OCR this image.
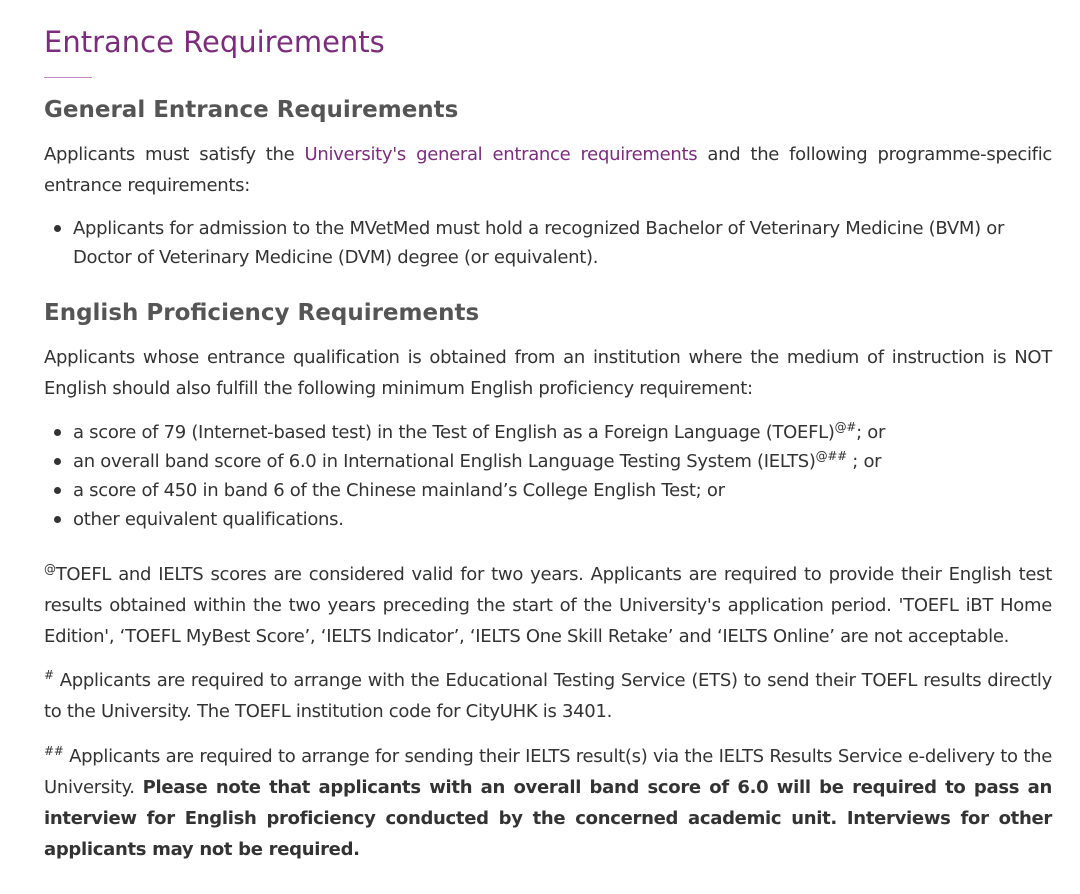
Entrance Requirements
General Entrance Requirements

Applicants must satisfy the University's general entrance requirements and the following programme-specific entrance requirements:

Applicants for admission to the MVetMed must hold a recognized Bachelor of Veterinary Medicine (BVM) or Doctor of Veterinary Medicine (DVM) degree (or equivalent).
English Proficiency Requirements

Applicants whose entrance qualification is obtained from an institution where the medium of instruction is NOT English should also fulfill the following minimum English proficiency requirement:

a score of 79 (Internet-based test) in the Test of English as a Foreign Language (TOEFL)@#; or
an overall band score of 6.0 in International English Language Testing System (IELTS)@## ; or
a score of 450 in band 6 of the Chinese mainland’s College English Test; or
other equivalent qualifications.

@TOEFL and IELTS scores are considered valid for two years. Applicants are required to provide their English test results obtained within the two years preceding the start of the University's application period. 'TOEFL iBT Home Edition', ‘TOEFL MyBest Score’, ‘IELTS Indicator’, ‘IELTS One Skill Retake’ and ‘IELTS Online’ are not acceptable.

# Applicants are required to arrange with the Educational Testing Service (ETS) to send their TOEFL results directly to the University. The TOEFL institution code for CityUHK is 3401.

## Applicants are required to arrange for sending their IELTS result(s) via the IELTS Results Service e-delivery to the University. Please note that applicants with an overall band score of 6.0 will be required to pass an interview for English proficiency conducted by the concerned academic unit. Interviews for other applicants may not be required.
